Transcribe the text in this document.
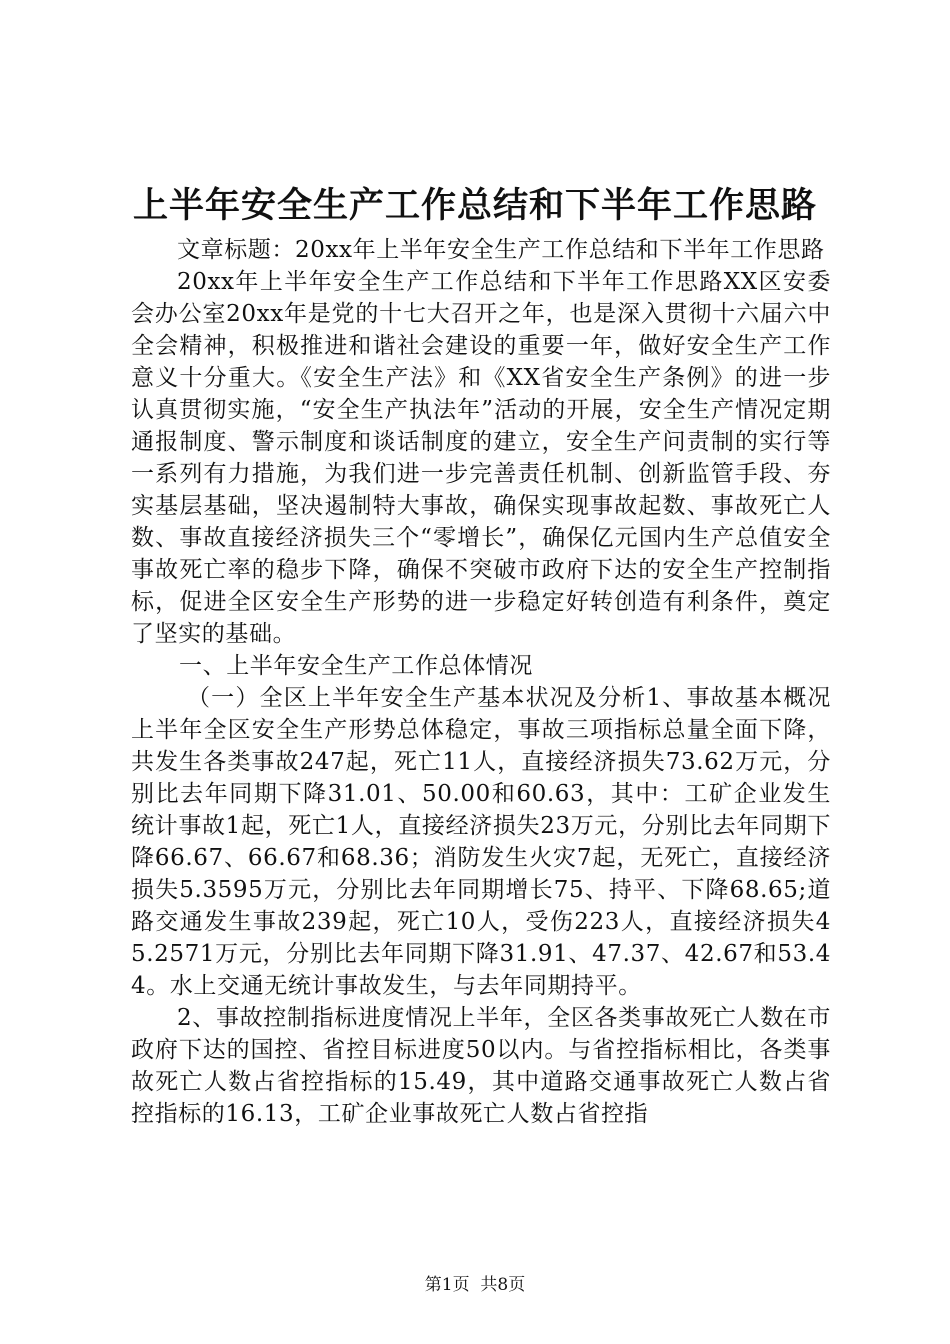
上半年安全生产工作总结和下半年工作思路

文章标题：20xx年上半年安全生产工作总结和下半年工作思路

20xx年上半年安全生产工作总结和下半年工作思路XX区安委会办公室20xx年是党的十七大召开之年，也是深入贯彻十六届六中全会精神，积极推进和谐社会建设的重要一年，做好安全生产工作意义十分重大。《安全生产法》和《XX省安全生产条例》的进一步认真贯彻实施，“安全生产执法年”活动的开展，安全生产情况定期通报制度、警示制度和谈话制度的建立，安全生产问责制的实行等一系列有力措施，为我们进一步完善责任机制、创新监管手段、夯实基层基础，坚决遏制特大事故，确保实现事故起数、事故死亡人数、事故直接经济损失三个“零增长”，确保亿元国内生产总值安全事故死亡率的稳步下降，确保不突破市政府下达的安全生产控制指标，促进全区安全生产形势的进一步稳定好转创造有利条件，奠定了坚实的基础。

一、上半年安全生产工作总体情况

（一）全区上半年安全生产基本状况及分析1、事故基本概况上半年全区安全生产形势总体稳定，事故三项指标总量全面下降，共发生各类事故247起，死亡11人，直接经济损失73.62万元，分别比去年同期下降31.01、50.00和60.63，其中：工矿企业发生统计事故1起，死亡1人，直接经济损失23万元，分别比去年同期下降66.67、66.67和68.36；消防发生火灾7起，无死亡，直接经济损失5.3595万元，分别比去年同期增长75、持平、下降68.65;道路交通发生事故239起，死亡10人，受伤223人，直接经济损失45.2571万元，分别比去年同期下降31.91、47.37、42.67和53.44。水上交通无统计事故发生，与去年同期持平。

2、事故控制指标进度情况上半年，全区各类事故死亡人数在市政府下达的国控、省控目标进度50以内。与省控指标相比，各类事故死亡人数占省控指标的15.49，其中道路交通事故死亡人数占省控指标的16.13，工矿企业事故死亡人数占省控指

第1页  共8页
